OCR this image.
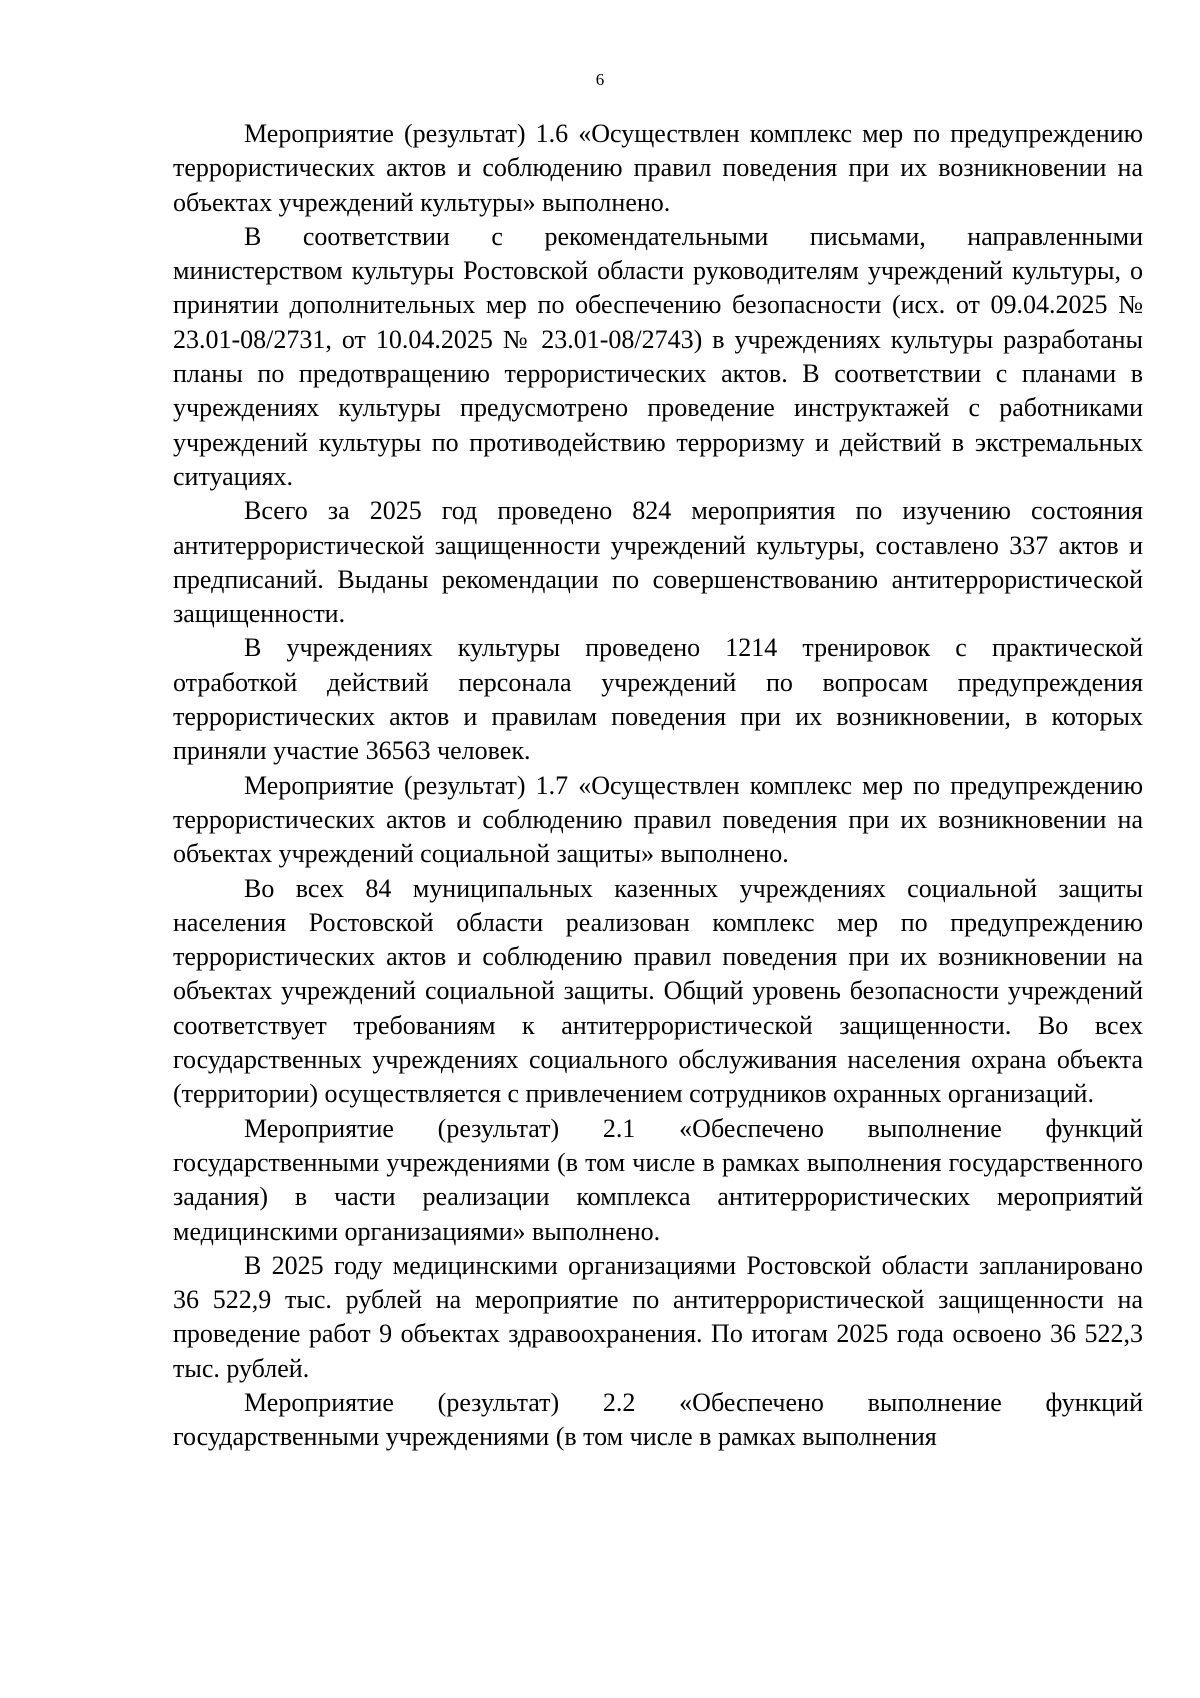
6

Мероприятие (результат) 1.6 «Осуществлен комплекс мер по предупреждению террористических актов и соблюдению правил поведения при их возникновении на объектах учреждений культуры» выполнено.

В соответствии с рекомендательными письмами, направленными министерством культуры Ростовской области руководителям учреждений культуры, о принятии дополнительных мер по обеспечению безопасности (исх. от 09.04.2025 № 23.01-08/2731, от 10.04.2025 № 23.01-08/2743) в учреждениях культуры разработаны планы по предотвращению террористических актов. В соответствии с планами в учреждениях культуры предусмотрено проведение инструктажей с работниками учреждений культуры по противодействию терроризму и действий в экстремальных ситуациях.

Всего за 2025 год проведено 824 мероприятия по изучению состояния антитеррористической защищенности учреждений культуры, составлено 337 актов и предписаний. Выданы рекомендации по совершенствованию антитеррористической защищенности.

В учреждениях культуры проведено 1214 тренировок с практической отработкой действий персонала учреждений по вопросам предупреждения террористических актов и правилам поведения при их возникновении, в которых приняли участие 36563 человек.

Мероприятие (результат) 1.7 «Осуществлен комплекс мер по предупреждению террористических актов и соблюдению правил поведения при их возникновении на объектах учреждений социальной защиты» выполнено.

Во всех 84 муниципальных казенных учреждениях социальной защиты населения Ростовской области реализован комплекс мер по предупреждению террористических актов и соблюдению правил поведения при их возникновении на объектах учреждений социальной защиты. Общий уровень безопасности учреждений соответствует требованиям к антитеррористической защищенности. Во всех государственных учреждениях социального обслуживания населения охрана объекта (территории) осуществляется с привлечением сотрудников охранных организаций.

Мероприятие (результат) 2.1 «Обеспечено выполнение функций государственными учреждениями (в том числе в рамках выполнения государственного задания) в части реализации комплекса антитеррористических мероприятий медицинскими организациями» выполнено.

В 2025 году медицинскими организациями Ростовской области запланировано 36 522,9 тыс. рублей на мероприятие по антитеррористической защищенности на проведение работ 9 объектах здравоохранения. По итогам 2025 года освоено 36 522,3 тыс. рублей.

Мероприятие (результат) 2.2 «Обеспечено выполнение функций государственными учреждениями (в том числе в рамках выполнения
